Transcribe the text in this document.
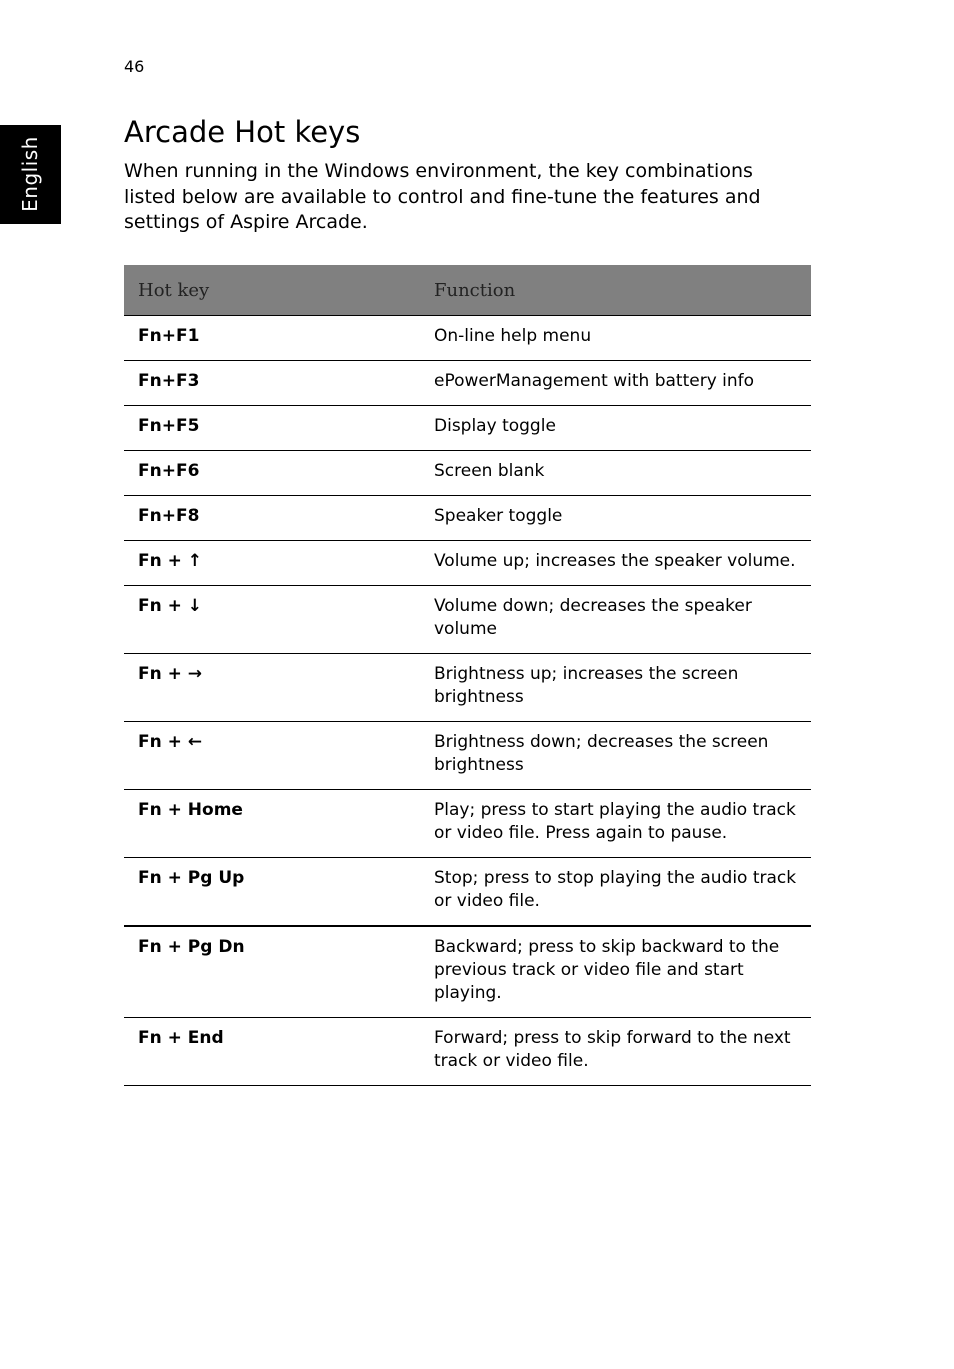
46
English
Arcade Hot keys

When running in the Windows environment, the key combinations listed below are available to control and fine-tune the features and settings of Aspire Arcade.

Hot key	Function
Fn+F1	On-line help menu
Fn+F3	ePowerManagement with battery info
Fn+F5	Display toggle
Fn+F6	Screen blank
Fn+F8	Speaker toggle
Fn + ↑	Volume up; increases the speaker volume.
Fn + ↓	Volume down; decreases the speaker volume
Fn + →	Brightness up; increases the screen brightness
Fn + ←	Brightness down; decreases the screen brightness
Fn + Home	Play; press to start playing the audio track or video file. Press again to pause.
Fn + Pg Up	Stop; press to stop playing the audio track or video file.
Fn + Pg Dn	Backward; press to skip backward to the previous track or video file and start playing.
Fn + End	Forward; press to skip forward to the next track or video file.
